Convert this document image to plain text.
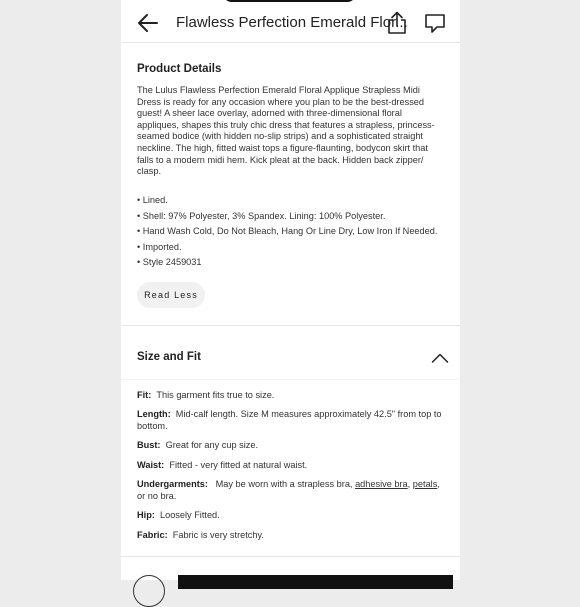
Flawless Perfection Emerald Flor...
Product Details
The Lulus Flawless Perfection Emerald Floral Applique Strapless Midi Dress is ready for any occasion where you plan to be the best-dressed guest! A sheer lace overlay, adorned with three-dimensional floral appliques, shapes this truly chic dress that features a strapless, princess-seamed bodice (with hidden no-slip strips) and a sophisticated straight neckline. The high, fitted waist tops a figure-flaunting, bodycon skirt that falls to a modern midi hem. Kick pleat at the back. Hidden back zipper/ clasp.
• Lined.
• Shell: 97% Polyester, 3% Spandex. Lining: 100% Polyester.
• Hand Wash Cold, Do Not Bleach, Hang Or Line Dry, Low Iron If Needed.
• Imported.
• Style 2459031
Read Less
Size and Fit
Fit: This garment fits true to size.
Length: Mid-calf length. Size M measures approximately 42.5" from top to bottom.
Bust: Great for any cup size.
Waist: Fitted - very fitted at natural waist.
Undergarments: May be worn with a strapless bra, adhesive bra, petals, or no bra.
Hip: Loosely Fitted.
Fabric: Fabric is very stretchy.
